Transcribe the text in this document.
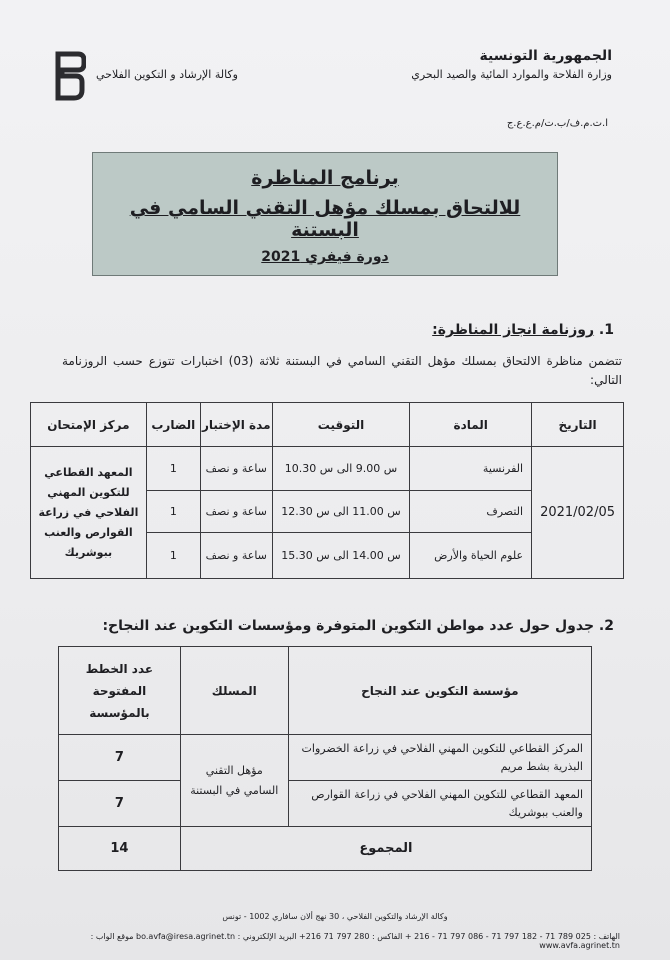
الجمهورية التونسية
وزارة الفلاحة والموارد المائية والصيد البحري
وكالة الإرشاد و التكوين الفلاحي
ا.ت.م.ف/ب.ت/م.ع.ع.ج
برنامج المناظرة
للالتحاق بمسلك مؤهل التقني السامي في البستنة
دورة فيفري 2021
1. روزنامة انجاز المناظرة:
تتضمن مناظرة الالتحاق بمسلك مؤهل التقني السامي في البستنة ثلاثة (03) اختبارات تتوزع حسب الروزنامة التالي:
التاريخ	المادة	التوقيت	مدة الإختبار	الضارب	مركز الإمتحان
2021/02/05	الفرنسية	س 9.00 الى س 10.30	ساعة و نصف	1	المعهد القطاعي للتكوين المهني الفلاحي في زراعة القوارص والعنب ببوشريك
	التصرف	س 11.00 الى س 12.30	ساعة و نصف	1	
	علوم الحياة والأرض	س 14.00 الى س 15.30	ساعة و نصف	1	
2. جدول حول عدد مواطن التكوين المتوفرة ومؤسسات التكوين عند النجاح:
مؤسسة التكوين عند النجاح	المسلك	عدد الخطط المفتوحة بالمؤسسة
المركز القطاعي للتكوين المهني الفلاحي في زراعة الخضروات البذرية بشط مريم	مؤهل التقني السامي في البستنة	7
المعهد القطاعي للتكوين المهني الفلاحي في زراعة القوارص والعنب ببوشريك		7
المجموع		14
وكالة الإرشاد والتكوين الفلاحي ، 30 نهج ألان سافاري 1002 - تونس
الهاتف : 025 789 71 - 182 797 71 - 086 797 71 - 216 + الفاكس : 280 797 71 216+ البريد الإلكتروني : bo.avfa@iresa.agrinet.tn موقع الواب : www.avfa.agrinet.tn
